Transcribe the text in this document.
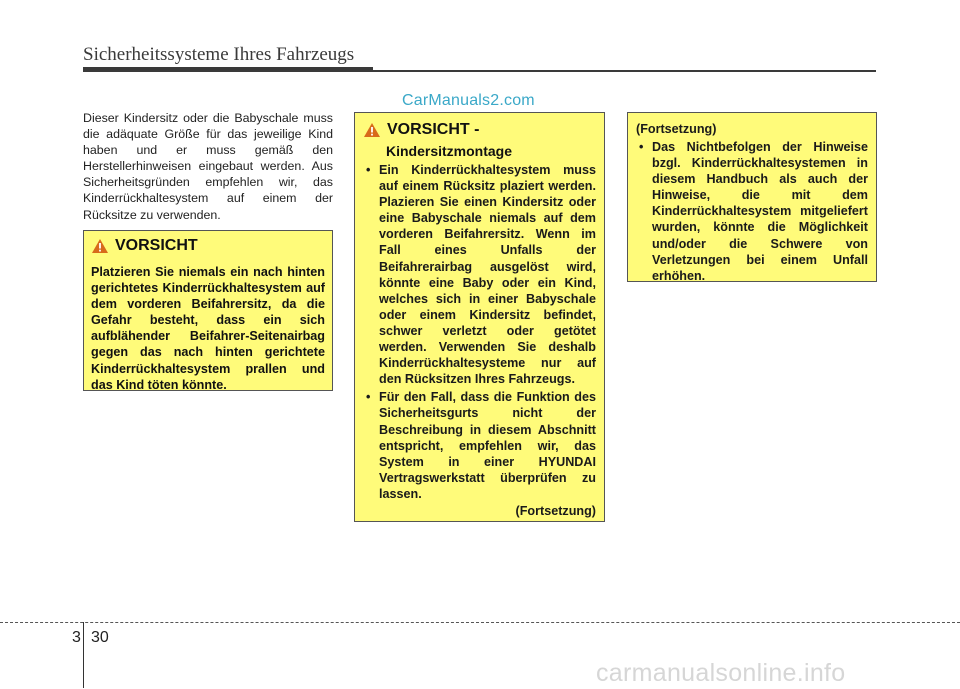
Sicherheitssysteme Ihres Fahrzeugs
CarManuals2.com
Dieser Kindersitz oder die Babyschale muss die adäquate Größe für das jeweilige Kind haben und er muss gemäß den Herstellerhinweisen eingebaut werden. Aus Sicherheitsgründen empfehlen wir, das Kinderrückhaltesystem auf einem der Rücksitze zu verwenden.
VORSICHT
Platzieren Sie niemals ein nach hinten gerichtetes Kinderrückhaltesystem auf dem vorderen Beifahrersitz, da die Gefahr besteht, dass ein sich aufblähender Beifahrer-Seitenairbag gegen das nach hinten gerichtete Kinderrückhaltesystem prallen und das Kind töten könnte.
VORSICHT -
Kindersitzmontage
• Ein Kinderrückhaltesystem muss auf einem Rücksitz plaziert werden. Plazieren Sie einen Kindersitz oder eine Babyschale niemals auf dem vorderen Beifahrersitz. Wenn im Fall eines Unfalls der Beifahrerairbag ausgelöst wird, könnte eine Baby oder ein Kind, welches sich in einer Babyschale oder einem Kindersitz befindet, schwer verletzt oder getötet werden. Verwenden Sie deshalb Kinderrückhaltesysteme nur auf den Rücksitzen Ihres Fahrzeugs.
• Für den Fall, dass die Funktion des Sicherheitsgurts nicht der Beschreibung in diesem Abschnitt entspricht, empfehlen wir, das System in einer HYUNDAI Vertragswerkstatt überprüfen zu lassen.
(Fortsetzung)
(Fortsetzung)
• Das Nichtbefolgen der Hinweise bzgl. Kinderrückhaltesystemen in diesem Handbuch als auch der Hinweise, die mit dem Kinderrückhaltesystem mitgeliefert wurden, könnte die Möglichkeit und/oder die Schwere von Verletzungen bei einem Unfall erhöhen.
3 30
carmanualsonline.info
